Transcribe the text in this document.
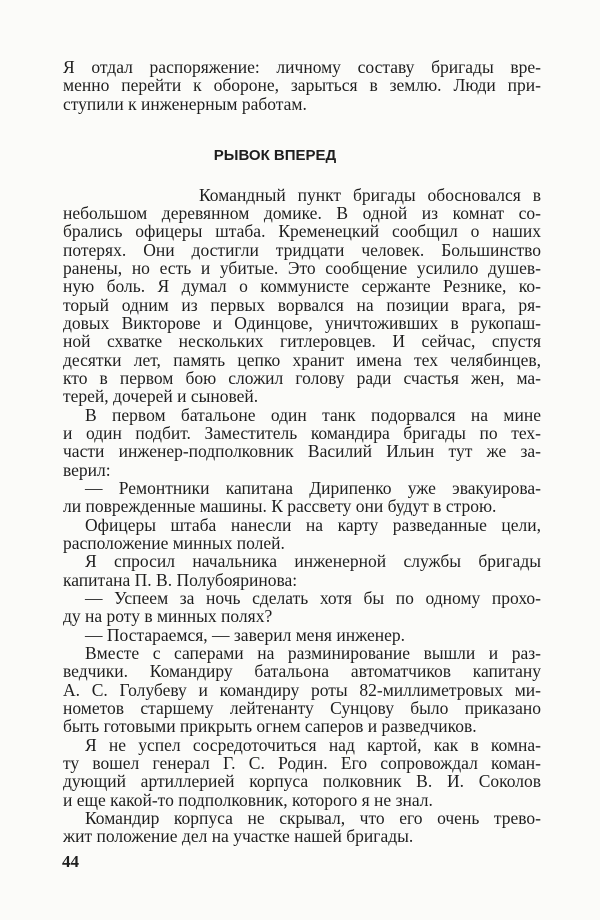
Я отдал распоряжение: личному составу бригады вре-
менно перейти к обороне, зарыться в землю. Люди при-
ступили к инженерным работам.
РЫВОК ВПЕРЕД
Командный пункт бригады обосновался в
небольшом деревянном домике. В одной из комнат со-
брались офицеры штаба. Кременецкий сообщил о наших
потерях. Они достигли тридцати человек. Большинство
ранены, но есть и убитые. Это сообщение усилило душев-
ную боль. Я думал о коммунисте сержанте Резнике, ко-
торый одним из первых ворвался на позиции врага, ря-
довых Викторове и Одинцове, уничтоживших в рукопаш-
ной схватке нескольких гитлеровцев. И сейчас, спустя
десятки лет, память цепко хранит имена тех челябинцев,
кто в первом бою сложил голову ради счастья жен, ма-
терей, дочерей и сыновей.
В первом батальоне один танк подорвался на мине
и один подбит. Заместитель командира бригады по тех-
части инженер-подполковник Василий Ильин тут же за-
верил:
— Ремонтники капитана Дирипенко уже эвакуирова-
ли поврежденные машины. К рассвету они будут в строю.
Офицеры штаба нанесли на карту разведанные цели,
расположение минных полей.
Я спросил начальника инженерной службы бригады
капитана П. В. Полубояринова:
— Успеем за ночь сделать хотя бы по одному прохо-
ду на роту в минных полях?
— Постараемся, — заверил меня инженер.
Вместе с саперами на разминирование вышли и раз-
ведчики. Командиру батальона автоматчиков капитану
А. С. Голубеву и командиру роты 82-миллиметровых ми-
нометов старшему лейтенанту Сунцову было приказано
быть готовыми прикрыть огнем саперов и разведчиков.
Я не успел сосредоточиться над картой, как в комна-
ту вошел генерал Г. С. Родин. Его сопровождал коман-
дующий артиллерией корпуса полковник В. И. Соколов
и еще какой-то подполковник, которого я не знал.
Командир корпуса не скрывал, что его очень трево-
жит положение дел на участке нашей бригады.
44
